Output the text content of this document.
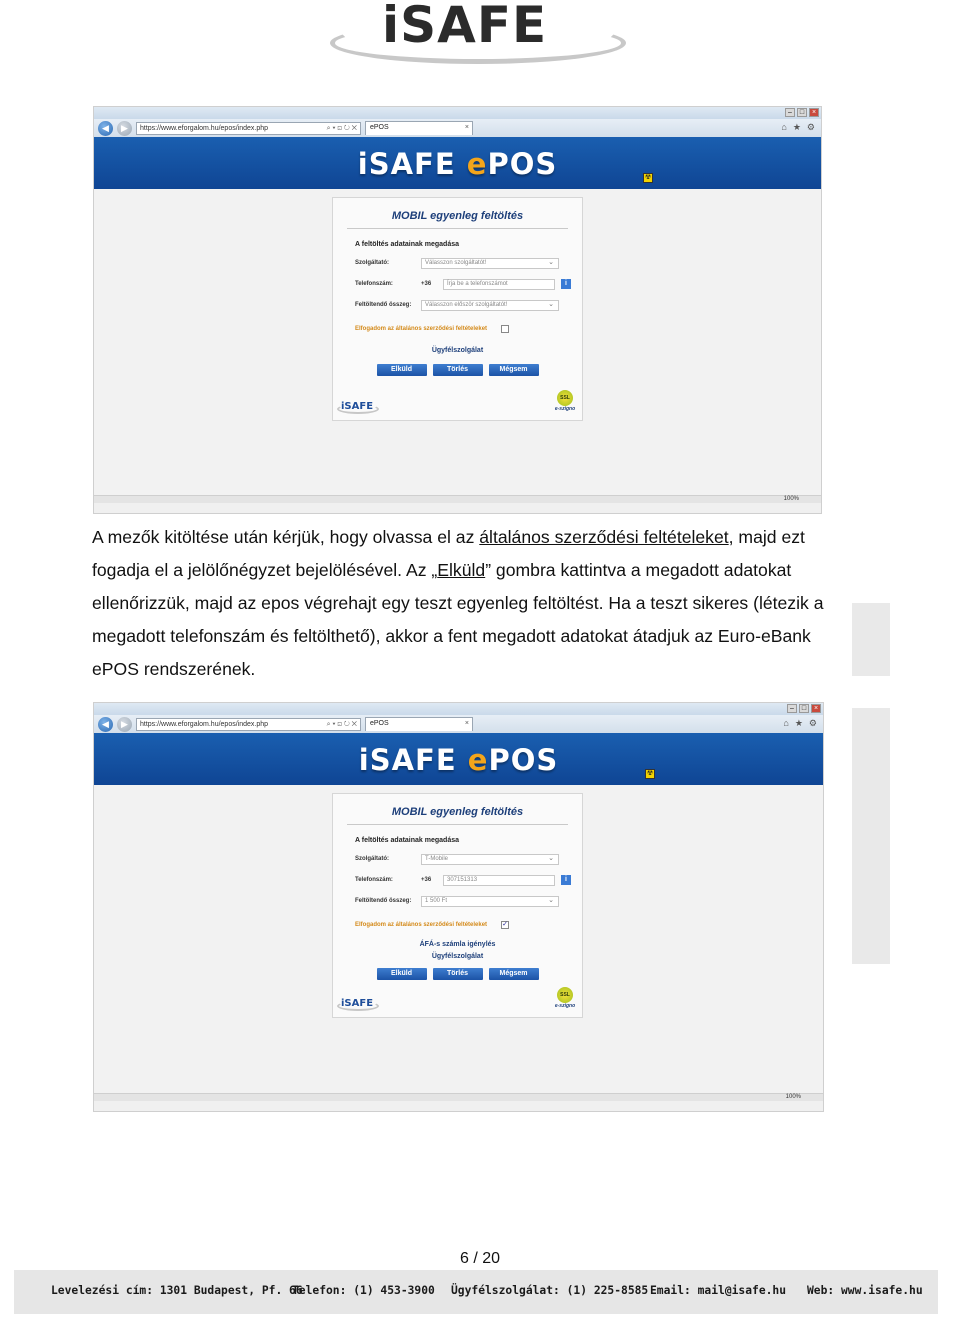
iSAFE
–	□	×
◀	▶	https://www.eforgalom.hu/epos/index.php	⌕ ▾ ⊡ ↻ ✕	ePOS	×	⌂ ★ ⚙
iSAFE ePOS	☢
MOBIL egyenleg feltöltés
A feltöltés adatainak megadása
Szolgáltató:	Válasszon szolgáltatót!	⌄
Telefonszám:	+36	Írja be a telefonszámot	i
Feltöltendő összeg:	Válasszon először szolgáltatót!	⌄
Elfogadom az általános szerződési feltételeket
Ügyfélszolgálat
Elküld	Törlés	Mégsem
iSAFE
SSL
e-szigno
100%
A mezők kitöltése után kérjük, hogy olvassa el az általános szerződési feltételeket, majd ezt fogadja el a jelölőnégyzet bejelölésével. Az „Elküld” gombra kattintva a megadott adatokat ellenőrizzük, majd az epos végrehajt egy teszt egyenleg feltöltést. Ha a teszt sikeres (létezik a megadott telefonszám és feltölthető), akkor a fent megadott adatokat átadjuk az Euro-eBank ePOS rendszerének.
–	□	×
◀	▶	https://www.eforgalom.hu/epos/index.php	⌕ ▾ ⊡ ↻ ✕	ePOS	×	⌂ ★ ⚙
iSAFE ePOS	☢
MOBIL egyenleg feltöltés
A feltöltés adatainak megadása
Szolgáltató:	T-Mobile	⌄
Telefonszám:	+36	307151313	i
Feltöltendő összeg:	1 500 Ft	⌄
Elfogadom az általános szerződési feltételeket	✓
ÁFÁ-s számla igénylés
Ügyfélszolgálat
Elküld	Törlés	Mégsem
iSAFE
SSL
e-szigno
100%
6 / 20
Levelezési cím: 1301 Budapest, Pf. 66
Telefon: (1) 453-3900 Ügyfélszolgálat: (1) 225-8585 Email: mail@isafe.hu Web: www.isafe.hu
